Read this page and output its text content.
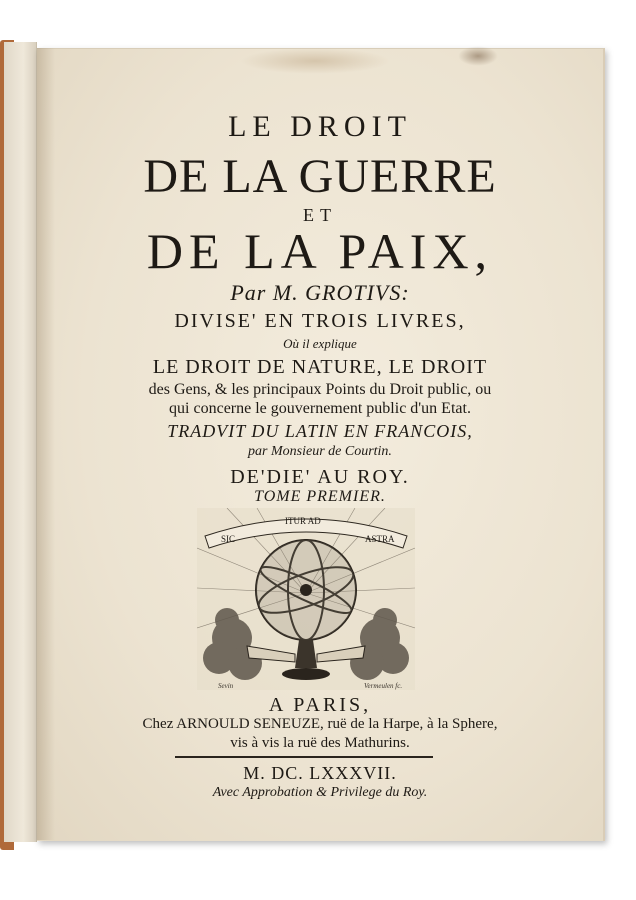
LE DROIT
DE LA GUERRE
ET
DE LA PAIX,
Par M. GROTIVS:
DIVISE' EN TROIS LIVRES,
Où il explique
LE DROIT DE NATURE, LE DROIT
des Gens, & les principaux Points du Droit public, ou
qui concerne le gouvernement public d'un Etat.
TRADVIT DU LATIN EN FRANCOIS,
par Monsieur de Courtin.
DE'DIE' AU ROY.
TOME PREMIER.
SIC
ITUR AD
ASTRA
Sevin	Vermeulen fc.
A PARIS,
Chez ARNOULD SENEUZE, ruë de la Harpe, à la Sphere,
vis à vis la ruë des Mathurins.
M. DC. LXXXVII.
Avec Approbation & Privilege du Roy.
